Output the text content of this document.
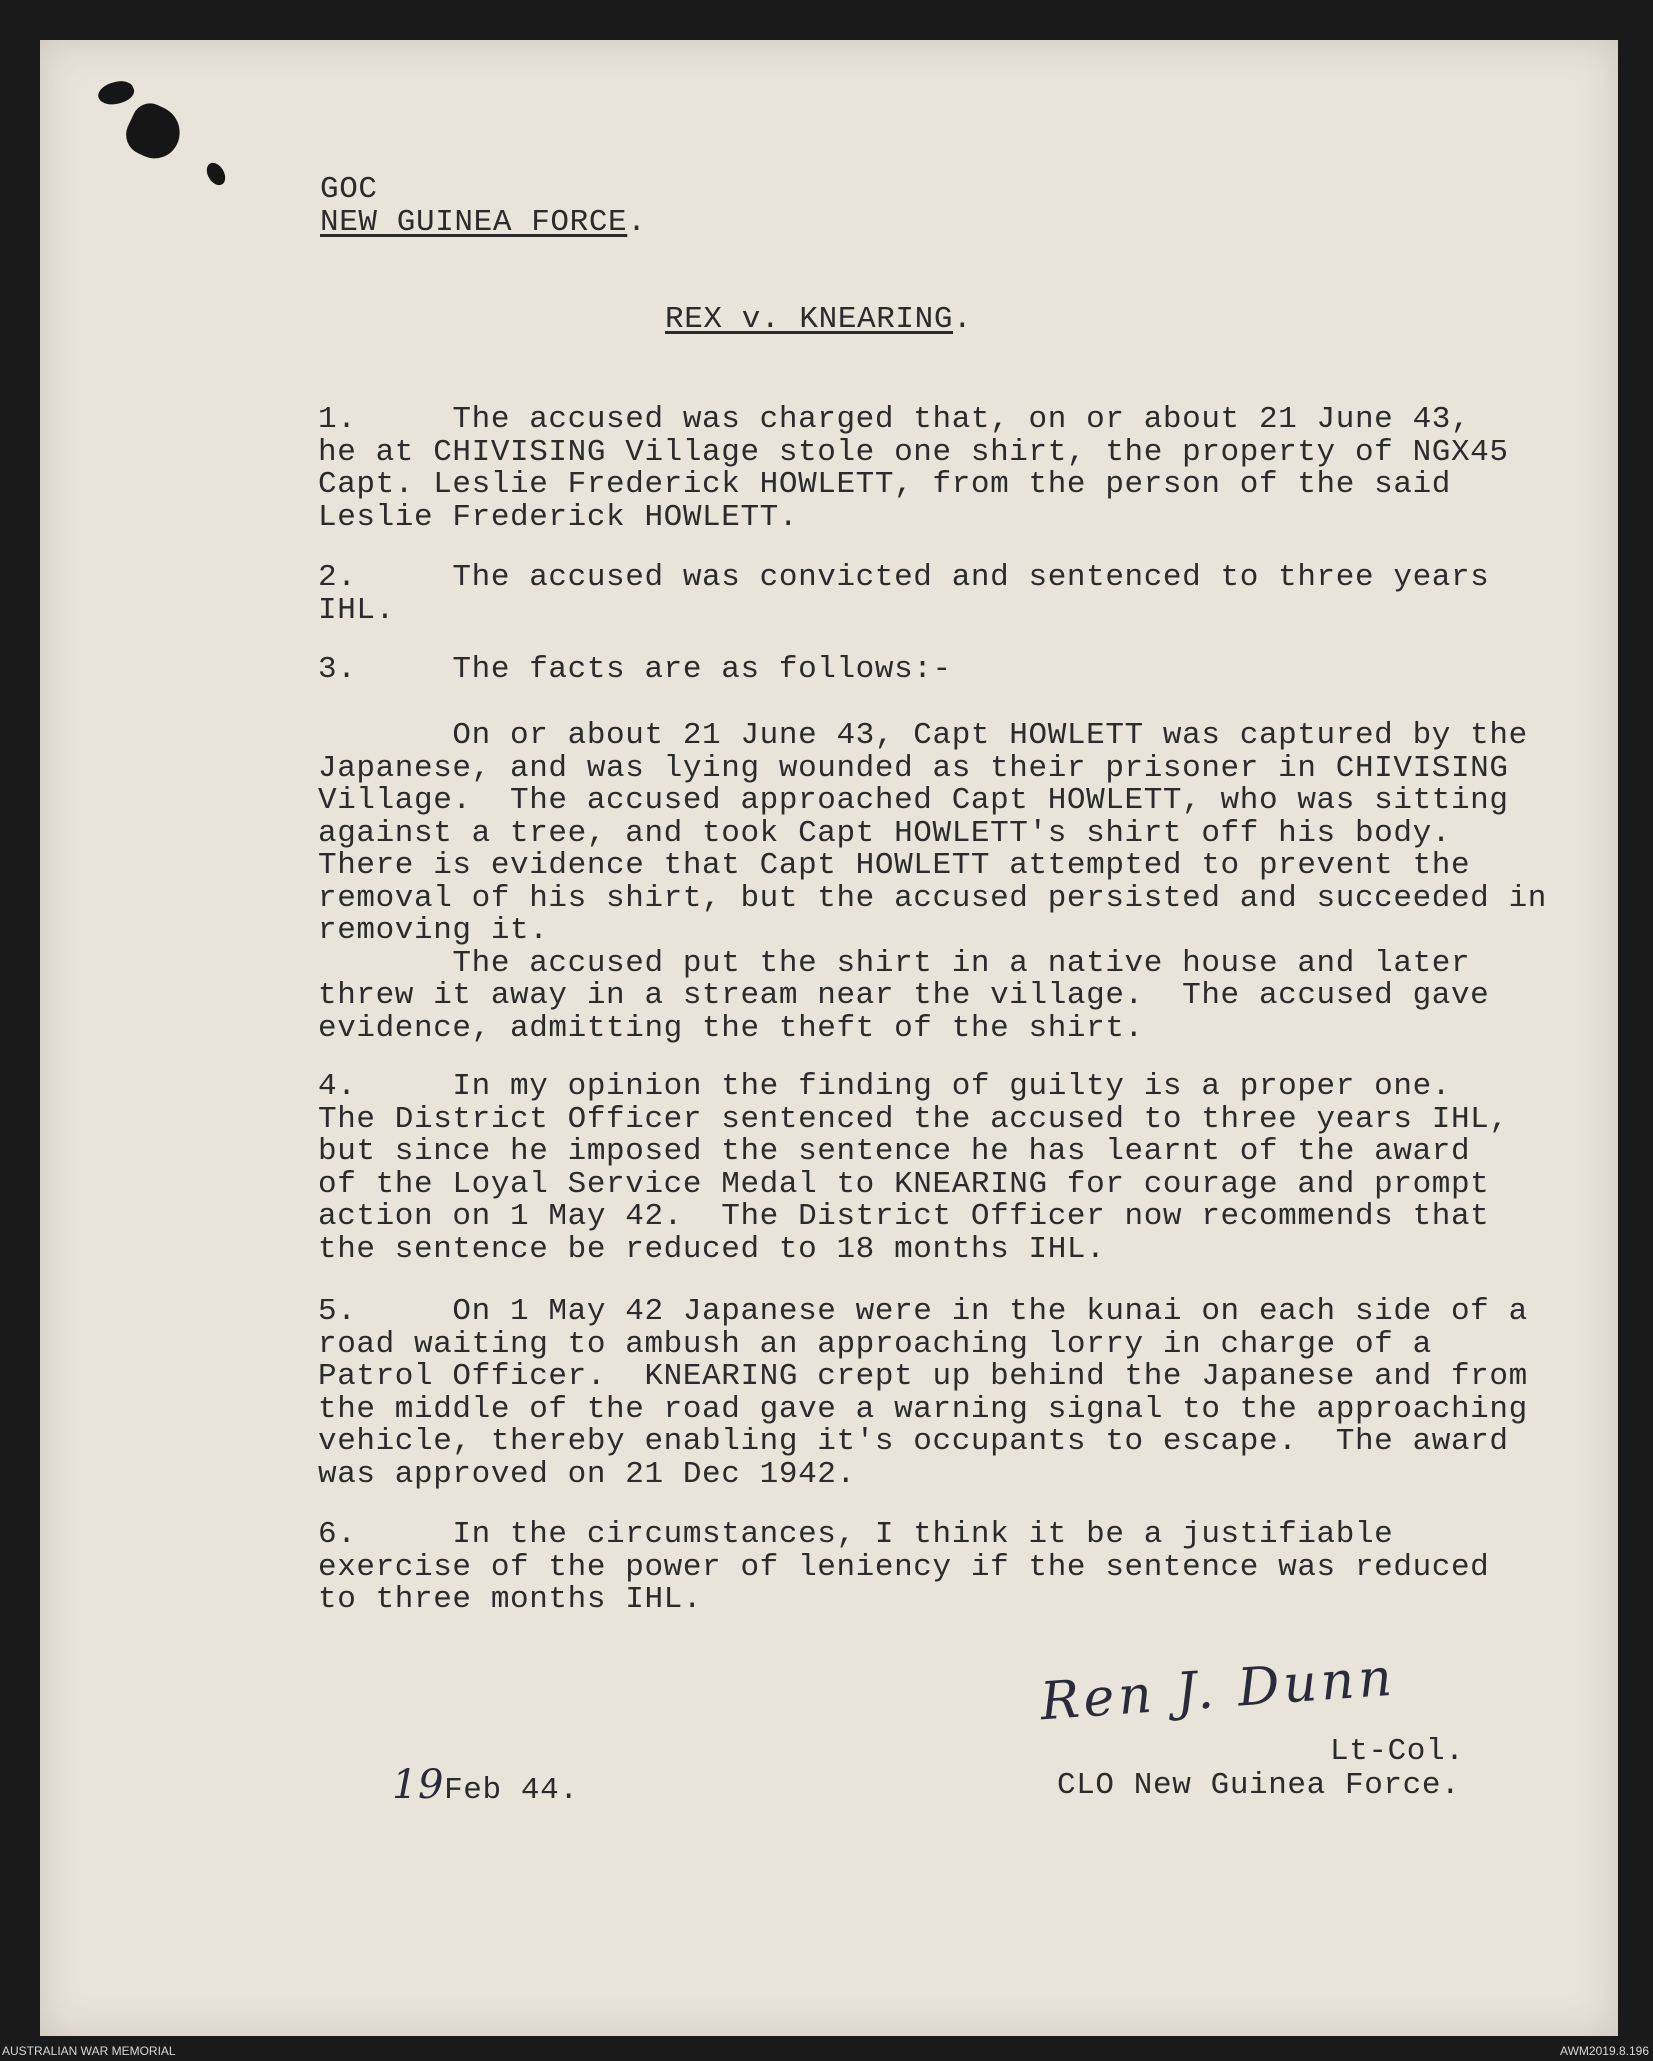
GOC

NEW GUINEA FORCE.

REX v. KNEARING.

1.     The accused was charged that, on or about 21 June 43,
he at CHIVISING Village stole one shirt, the property of NGX45
Capt. Leslie Frederick HOWLETT, from the person of the said
Leslie Frederick HOWLETT.

2.     The accused was convicted and sentenced to three years
IHL.

3.     The facts are as follows:-

On or about 21 June 43, Capt HOWLETT was captured by the
Japanese, and was lying wounded as their prisoner in CHIVISING
Village.  The accused approached Capt HOWLETT, who was sitting
against a tree, and took Capt HOWLETT's shirt off his body.
There is evidence that Capt HOWLETT attempted to prevent the
removal of his shirt, but the accused persisted and succeeded in
removing it.
The accused put the shirt in a native house and later
threw it away in a stream near the village.  The accused gave
evidence, admitting the theft of the shirt.

4.     In my opinion the finding of guilty is a proper one.
The District Officer sentenced the accused to three years IHL,
but since he imposed the sentence he has learnt of the award
of the Loyal Service Medal to KNEARING for courage and prompt
action on 1 May 42.  The District Officer now recommends that
the sentence be reduced to 18 months IHL.

5.     On 1 May 42 Japanese were in the kunai on each side of a
road waiting to ambush an approaching lorry in charge of a
Patrol Officer.  KNEARING crept up behind the Japanese and from
the middle of the road gave a warning signal to the approaching
vehicle, thereby enabling it's occupants to escape.  The award
was approved on 21 Dec 1942.

6.     In the circumstances, I think it be a justifiable
exercise of the power of leniency if the sentence was reduced
to three months IHL.

Ren J. Dunn

Lt-Col.

19Feb 44.	CLO New Guinea Force.

AUSTRALIAN WAR MEMORIAL	AWM2019.8.196
